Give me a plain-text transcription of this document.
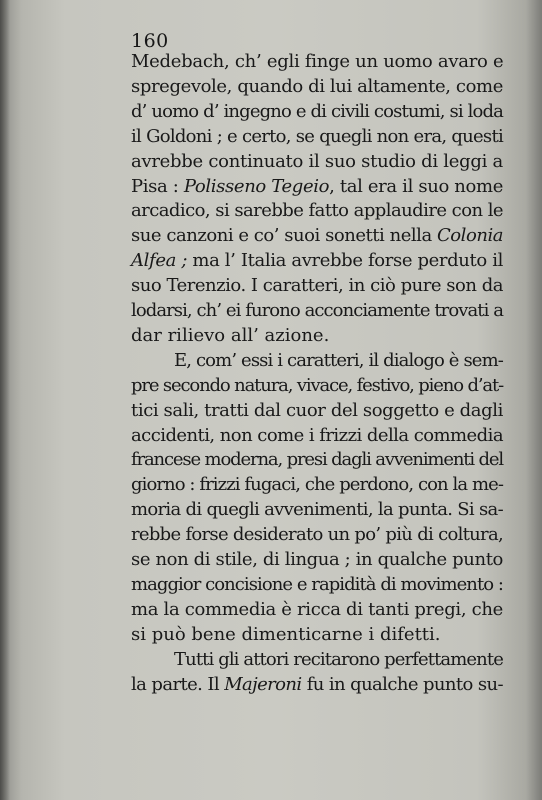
160
Medebach, ch’ egli finge un uomo avaro e
spregevole, quando di lui altamente, come
d’ uomo d’ ingegno e di civili costumi, si loda
il Goldoni ; e certo, se quegli non era, questi
avrebbe continuato il suo studio di leggi a
Pisa : Polisseno Tegeio, tal era il suo nome
arcadico, si sarebbe fatto applaudire con le
sue canzoni e co’ suoi sonetti nella Colonia
Alfea ; ma l’ Italia avrebbe forse perduto il
suo Terenzio. I caratteri, in ciò pure son da
lodarsi, ch’ ei furono acconciamente trovati a
dar rilievo all’ azione.
E, com’ essi i caratteri, il dialogo è sem-
pre secondo natura, vivace, festivo, pieno d’at-
tici sali, tratti dal cuor del soggetto e dagli
accidenti, non come i frizzi della commedia
francese moderna, presi dagli avvenimenti del
giorno : frizzi fugaci, che perdono, con la me-
moria di quegli avvenimenti, la punta. Si sa-
rebbe forse desiderato un po’ più di coltura,
se non di stile, di lingua ; in qualche punto
maggior concisione e rapidità di movimento :
ma la commedia è ricca di tanti pregi, che
si può bene dimenticarne i difetti.
Tutti gli attori recitarono perfettamente
la parte. Il Majeroni fu in qualche punto su-
